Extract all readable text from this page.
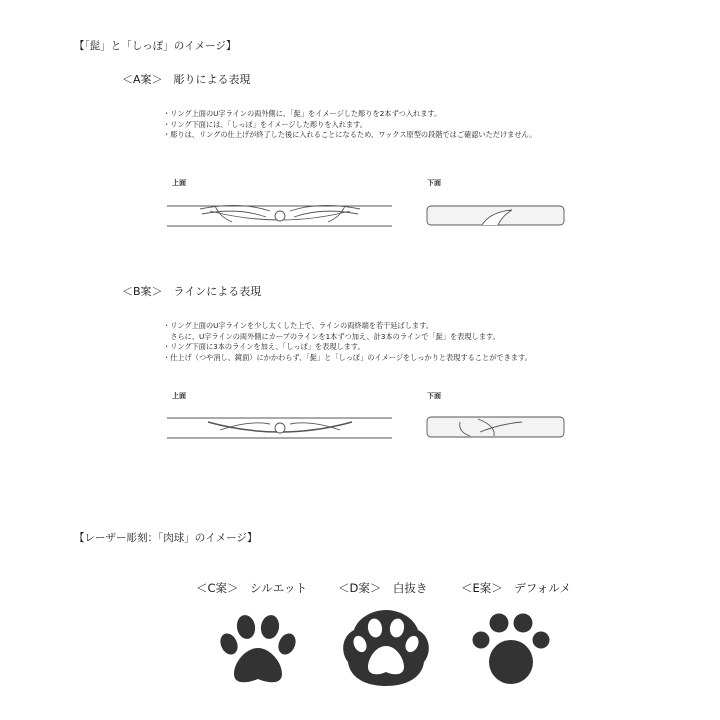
【「髭」と「しっぽ」のイメージ】
＜A案＞　彫りによる表現
・リング上面のU字ラインの両外側に、「髭」をイメージした彫りを2本ずつ入れます。
・リング下面には、「しっぽ」をイメージした彫りを入れます。
・彫りは、リングの仕上げが終了した後に入れることになるため、ワックス原型の段階ではご確認いただけません。
上面	下面
＜B案＞　ラインによる表現
・リング上面のU字ラインを少し太くした上で、ラインの両終端を若干延ばします。
　さらに、U字ラインの両外側にカーブのラインを1本ずつ加え、計3本のラインで「髭」を表現します。
・リング下面に3本のラインを加え、「しっぽ」を表現します。
・仕上げ（つや消し、鏡面）にかかわらず、「髭」と「しっぽ」のイメージをしっかりと表現することができます。
上面	下面
【レーザー彫刻：「肉球」のイメージ】
＜C案＞　シルエット	＜D案＞　白抜き	＜E案＞　デフォルメ
